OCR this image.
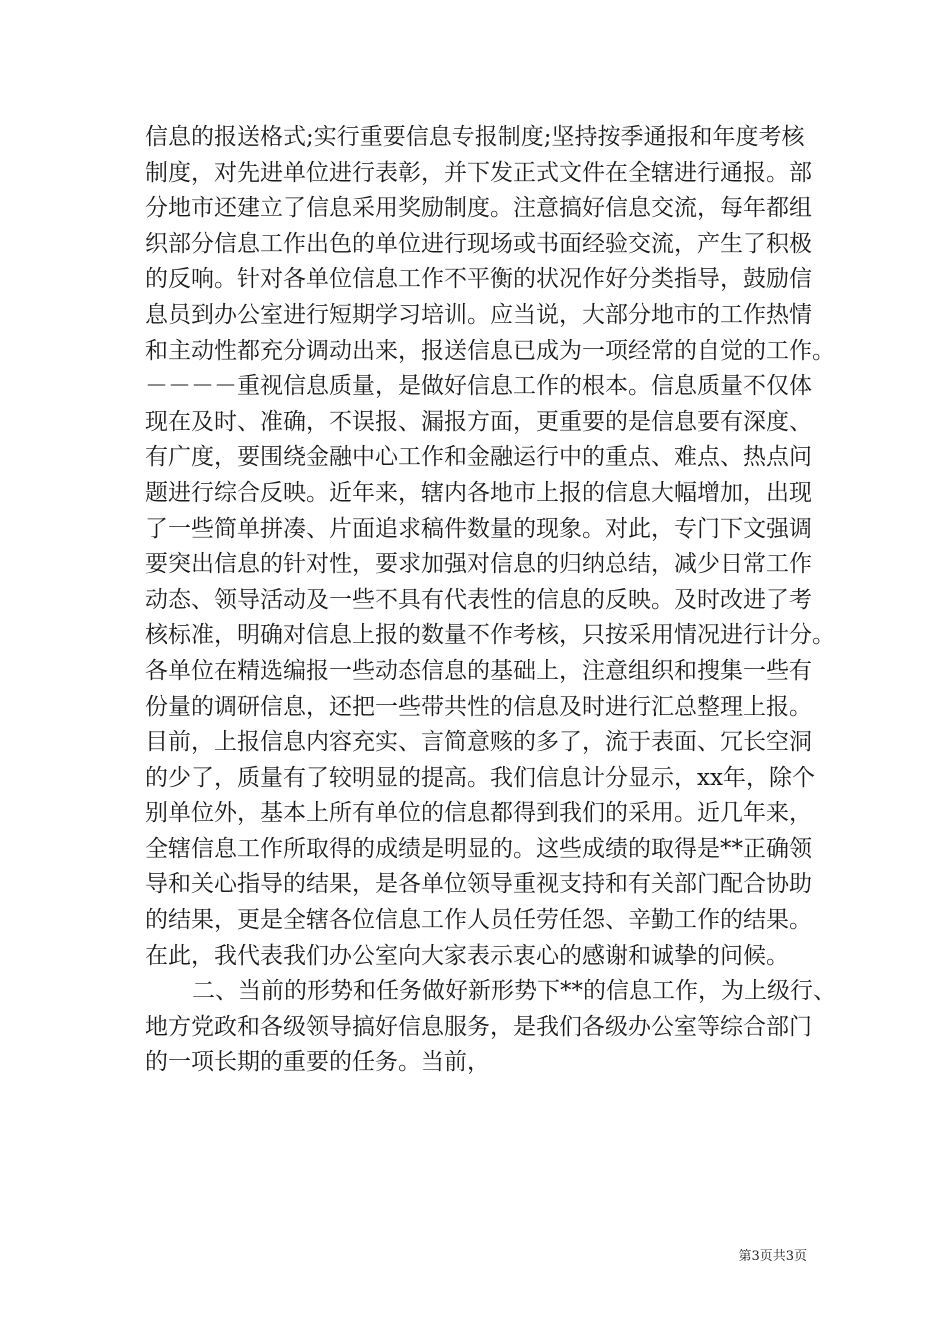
信息的报送格式;实行重要信息专报制度;坚持按季通报和年度考核
制度，对先进单位进行表彰，并下发正式文件在全辖进行通报。部
分地市还建立了信息采用奖励制度。注意搞好信息交流，每年都组
织部分信息工作出色的单位进行现场或书面经验交流，产生了积极
的反响。针对各单位信息工作不平衡的状况作好分类指导，鼓励信
息员到办公室进行短期学习培训。应当说，大部分地市的工作热情
和主动性都充分调动出来，报送信息已成为一项经常的自觉的工作。
－－－－重视信息质量，是做好信息工作的根本。信息质量不仅体
现在及时、准确，不误报、漏报方面，更重要的是信息要有深度、
有广度，要围绕金融中心工作和金融运行中的重点、难点、热点问
题进行综合反映。近年来，辖内各地市上报的信息大幅增加，出现
了一些简单拼凑、片面追求稿件数量的现象。对此，专门下文强调
要突出信息的针对性，要求加强对信息的归纳总结，减少日常工作
动态、领导活动及一些不具有代表性的信息的反映。及时改进了考
核标准，明确对信息上报的数量不作考核，只按采用情况进行计分。
各单位在精选编报一些动态信息的基础上，注意组织和搜集一些有
份量的调研信息，还把一些带共性的信息及时进行汇总整理上报。
目前，上报信息内容充实、言简意赅的多了，流于表面、冗长空洞
的少了，质量有了较明显的提高。我们信息计分显示，xx年，除个
别单位外，基本上所有单位的信息都得到我们的采用。近几年来，
全辖信息工作所取得的成绩是明显的。这些成绩的取得是**正确领
导和关心指导的结果，是各单位领导重视支持和有关部门配合协助
的结果，更是全辖各位信息工作人员任劳任怨、辛勤工作的结果。
在此，我代表我们办公室向大家表示衷心的感谢和诚挚的问候。
二、当前的形势和任务做好新形势下**的信息工作，为上级行、
地方党政和各级领导搞好信息服务，是我们各级办公室等综合部门
的一项长期的重要的任务。当前，
第3页共3页
